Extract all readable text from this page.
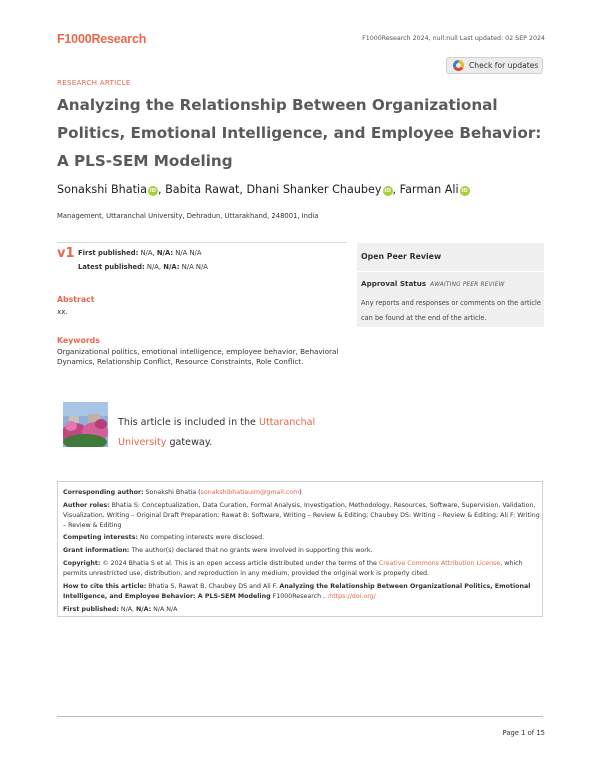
F1000Research	F1000Research 2024, null:null Last updated: 02 SEP 2024
Check for updates
RESEARCH ARTICLE
Analyzing the Relationship Between Organizational Politics, Emotional Intelligence, and Employee Behavior: A PLS-SEM Modeling
Sonakshi Bhatia iD , Babita Rawat, Dhani Shanker Chaubey iD , Farman Ali iD
Management, Uttaranchal University, Dehradun, Uttarakhand, 248001, India
v1 First published: N/A, N/A: N/A N/A
Latest published: N/A, N/A: N/A N/A
Open Peer Review
Approval Status AWAITING PEER REVIEW
Any reports and responses or comments on the article can be found at the end of the article.
Abstract
xx.
Keywords
Organizational politics, emotional intelligence, employee behavior, Behavioral Dynamics, Relationship Conflict, Resource Constraints, Role Conflict.
This article is included in the Uttaranchal University gateway.
Corresponding author: Sonakshi Bhatia (sonakshibhatiauim@gmail.com)
Author roles: Bhatia S: Conceptualization, Data Curation, Formal Analysis, Investigation, Methodology, Resources, Software, Supervision, Validation, Visualization, Writing – Original Draft Preparation; Rawat B: Software, Writing – Review & Editing; Chaubey DS: Writing – Review & Editing; Ali F: Writing – Review & Editing
Competing interests: No competing interests were disclosed.
Grant information: The author(s) declared that no grants were involved in supporting this work.
Copyright: © 2024 Bhatia S et al. This is an open access article distributed under the terms of the Creative Commons Attribution License, which permits unrestricted use, distribution, and reproduction in any medium, provided the original work is properly cited.
How to cite this article: Bhatia S, Rawat B, Chaubey DS and Ali F. Analyzing the Relationship Between Organizational Politics, Emotional Intelligence, and Employee Behavior: A PLS-SEM Modeling F1000Research , :https://doi.org/
First published: N/A, N/A: N/A N/A
Page 1 of 15
